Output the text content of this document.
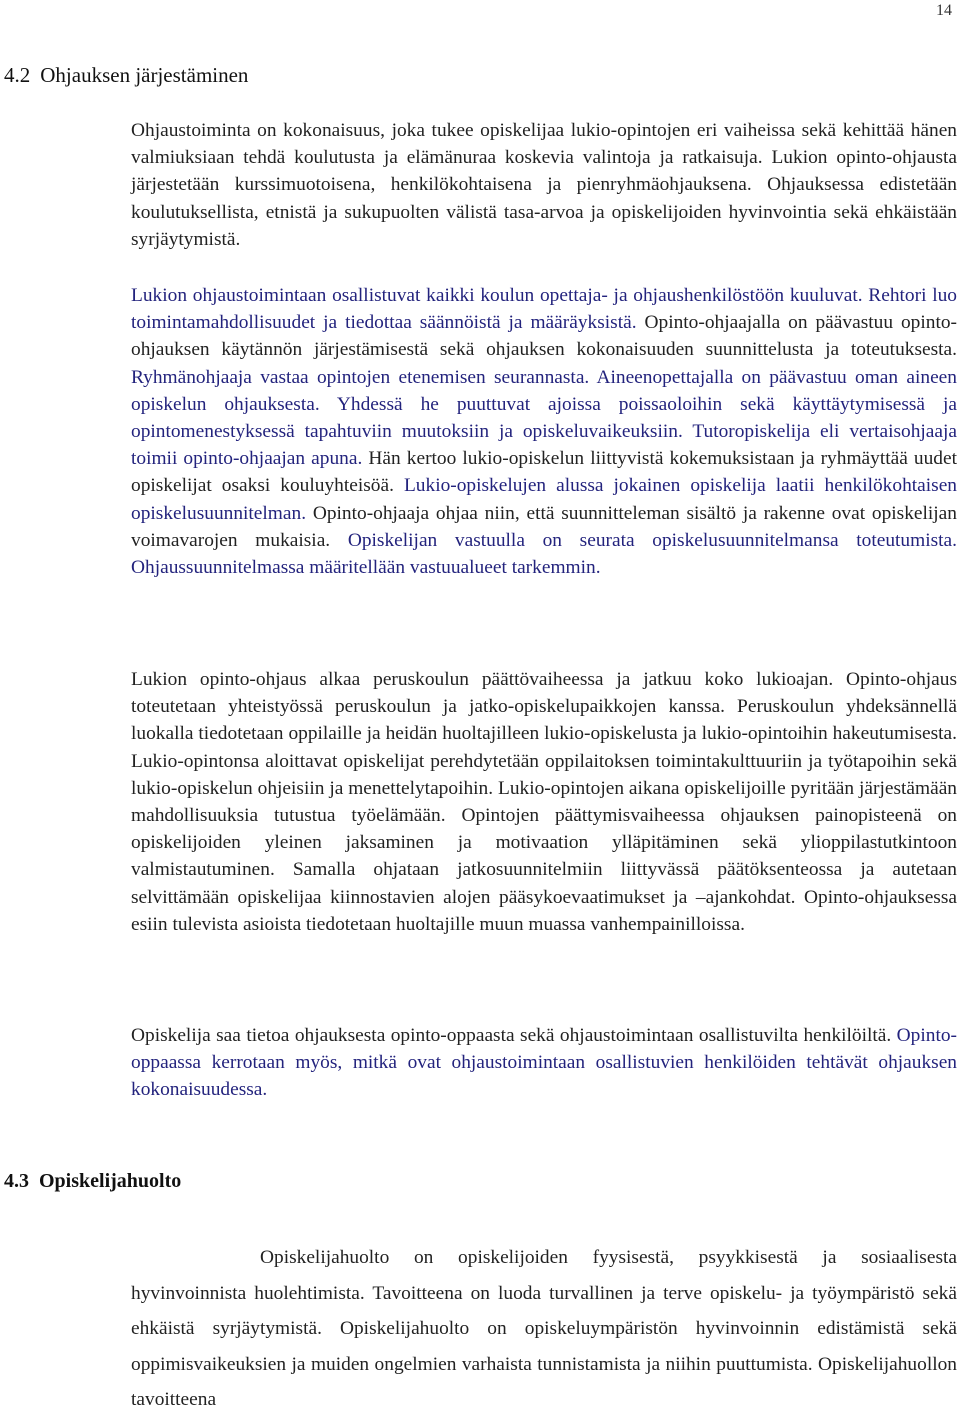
14
4.2 Ohjauksen järjestäminen

Ohjaustoiminta on kokonaisuus, joka tukee opiskelijaa lukio-opintojen eri vaiheissa sekä kehittää hänen valmiuksiaan tehdä koulutusta ja elämänuraa koskevia valintoja ja ratkaisuja. Lukion opinto-ohjausta järjestetään kurssimuotoisena, henkilökohtaisena ja pienryhmäohjauksena. Ohjauksessa edistetään koulutuksellista, etnistä ja sukupuolten välistä tasa-arvoa ja opiskelijoiden hyvinvointia sekä ehkäistään syrjäytymistä.

Lukion ohjaustoimintaan osallistuvat kaikki koulun opettaja- ja ohjaushenkilöstöön kuuluvat. Rehtori luo toimintamahdollisuudet ja tiedottaa säännöistä ja määräyksistä. Opinto-ohjaajalla on päävastuu opinto-ohjauksen käytännön järjestämisestä sekä ohjauksen kokonaisuuden suunnittelusta ja toteutuksesta. Ryhmänohjaaja vastaa opintojen etenemisen seurannasta. Aineenopettajalla on päävastuu oman aineen opiskelun ohjauksesta. Yhdessä he puuttuvat ajoissa poissaoloihin sekä käyttäytymisessä ja opintomenestyksessä tapahtuviin muutoksiin ja opiskeluvaikeuksiin. Tutoropiskelija eli vertaisohjaaja toimii opinto-ohjaajan apuna. Hän kertoo lukio-opiskelun liittyvistä kokemuksistaan ja ryhmäyttää uudet opiskelijat osaksi kouluyhteisöä. Lukio-opiskelujen alussa jokainen opiskelija laatii henkilökohtaisen opiskelusuunnitelman. Opinto-ohjaaja ohjaa niin, että suunnitteleman sisältö ja rakenne ovat opiskelijan voimavarojen mukaisia. Opiskelijan vastuulla on seurata opiskelusuunnitelmansa toteutumista. Ohjaussuunnitelmassa määritellään vastuualueet tarkemmin.

Lukion opinto-ohjaus alkaa peruskoulun päättövaiheessa ja jatkuu koko lukioajan. Opinto-ohjaus toteutetaan yhteistyössä peruskoulun ja jatko-opiskelupaikkojen kanssa. Peruskoulun yhdeksännellä luokalla tiedotetaan oppilaille ja heidän huoltajilleen lukio-opiskelusta ja lukio-opintoihin hakeutumisesta. Lukio-opintonsa aloittavat opiskelijat perehdytetään oppilaitoksen toimintakulttuuriin ja työtapoihin sekä lukio-opiskelun ohjeisiin ja menettelytapoihin. Lukio-opintojen aikana opiskelijoille pyritään järjestämään mahdollisuuksia tutustua työelämään. Opintojen päättymisvaiheessa ohjauksen painopisteenä on opiskelijoiden yleinen jaksaminen ja motivaation ylläpitäminen sekä ylioppilastutkintoon valmistautuminen. Samalla ohjataan jatkosuunnitelmiin liittyvässä päätöksenteossa ja autetaan selvittämään opiskelijaa kiinnostavien alojen pääsykoevaatimukset ja –ajankohdat. Opinto-ohjauksessa esiin tulevista asioista tiedotetaan huoltajille muun muassa vanhempainilloissa.

Opiskelija saa tietoa ohjauksesta opinto-oppaasta sekä ohjaustoimintaan osallistuvilta henkilöiltä. Opinto-oppaassa kerrotaan myös, mitkä ovat ohjaustoimintaan osallistuvien henkilöiden tehtävät ohjauksen kokonaisuudessa.

4.3 Opiskelijahuolto

Opiskelijahuolto on opiskelijoiden fyysisestä, psyykkisestä ja sosiaalisesta hyvinvoinnista huolehtimista. Tavoitteena on luoda turvallinen ja terve opiskelu- ja työympäristö sekä ehkäistä syrjäytymistä. Opiskelijahuolto on opiskeluympäristön hyvinvoinnin edistämistä sekä oppimisvaikeuksien ja muiden ongelmien varhaista tunnistamista ja niihin puuttumista. Opiskelijahuollon tavoitteena
